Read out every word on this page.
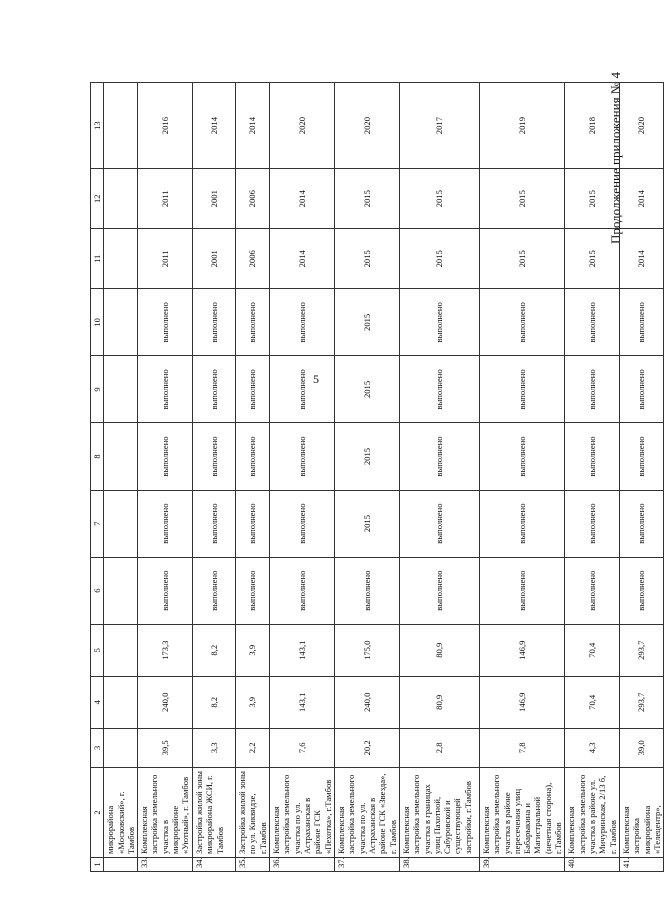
5
Продолжение приложения № 4
1	2	3	4	5	6	7	8	9	10	11	12	13
	микрорайона «Московский», г. Тамбов											
33.	Комплексная застройка земельного участка в микрорайоне «Уютный», г. Тамбов	39,5	240,0	173,3	выполнено	выполнено	выполнено	выполнено	выполнено	2011	2011	2016
34.	Застройка жилой зоны микрорайона ЖСИ, г. Тамбов	3,3	8,2	8,2	выполнено	выполнено	выполнено	выполнено	выполнено	2001	2001	2014
35.	Застройка жилой зоны по ул. Киквидзе, г.Тамбов	2,2	3,9	3,9	выполнено	выполнено	выполнено	выполнено	выполнено	2006	2006	2014
36.	Комплексная застройка земельного участка по ул. Астраханская в районе ГСК «Пехотка», г.Тамбов	7,6	143,1	143,1	выполнено	выполнено	выполнено	выполнено	выполнено	2014	2014	2020
37.	Комплексная застройка земельного участка по ул. Астраханская в районе ГСК «Звезда», г. Тамбов	20,2	240,0	175,0	выполнено	2015	2015	2015	2015	2015	2015	2020
38.	Комплексная застройка земельного участка в границах улиц Пахотной, Сабуровской и существующей застройки, г.Тамбов	2,8	80,9	80,9	выполнено	выполнено	выполнено	выполнено	выполнено	2015	2015	2017
39.	Комплексная застройка земельного участка в районе пересечения улиц Бабарыкина и Магистральной (нечетная сторона), г.Тамбов	7,8	146,9	146,9	выполнено	выполнено	выполнено	выполнено	выполнено	2015	2015	2019
40.	Комплексная застройка земельного участка в районе ул. Мичуринская, 2/13 б, г. Тамбов	4,3	70,4	70,4	выполнено	выполнено	выполнено	выполнено	выполнено	2015	2015	2018
41.	Комплексная застройка микрорайона «Телецентр»,	39,0	293,7	293,7	выполнено	выполнено	выполнено	выполнено	выполнено	2014	2014	2020
